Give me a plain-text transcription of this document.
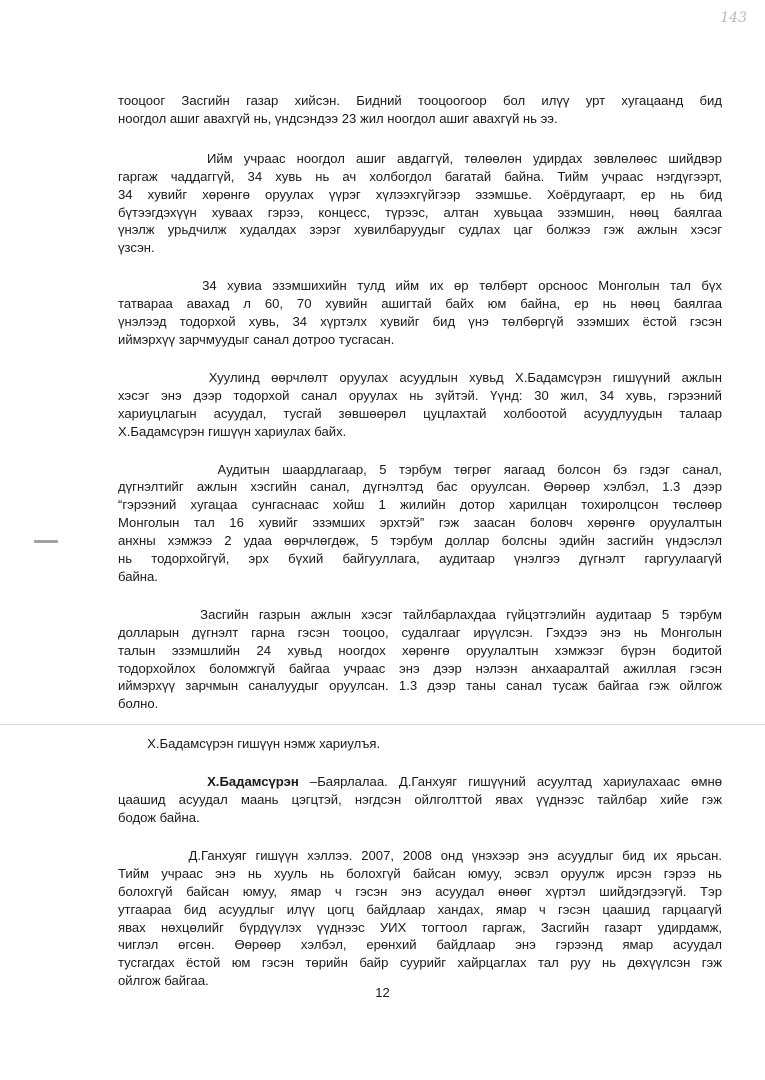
143
тооцоог Засгийн газар хийсэн. Бидний тооцоогоор бол илүү урт хугацаанд бид
ноогдол ашиг авахгүй нь, үндсэндээ 23 жил ноогдол ашиг авахгүй нь ээ.
Ийм учраас ноогдол ашиг авдаггүй, төлөөлөн удирдах зөвлөлөөс шийдвэр
гаргаж чаддаггүй, 34 хувь нь ач холбогдол багатай байна. Тийм учраас нэгдүгээрт,
34 хувийг хөрөнгө оруулах үүрэг хүлээхгүйгээр эзэмшье. Хоёрдугаарт, ер нь бид
бүтээгдэхүүн хуваах гэрээ, концесс, түрээс, алтан хувьцаа эзэмшин, нөөц баялгаа
үнэлж урьдчилж худалдах зэрэг хувилбаруудыг судлах цаг болжээ гэж ажлын хэсэг
үзсэн.
34 хувиа эзэмшихийн тулд ийм их өр төлбөрт орсноос Монголын тал бүх
татвараа авахад л 60, 70 хувийн ашигтай байх юм байна, ер нь нөөц баялгаа
үнэлээд тодорхой хувь, 34 хүртэлх хувийг бид үнэ төлбөргүй эзэмших ёстой гэсэн
иймэрхүү зарчмуудыг санал дотроо тусгасан.
Хуулинд өөрчлөлт оруулах асуудлын хувьд Х.Бадамсүрэн гишүүний ажлын
хэсэг энэ дээр тодорхой санал оруулах нь зүйтэй. Үүнд: 30 жил, 34 хувь, гэрээний
хариуцлагын асуудал, тусгай зөвшөөрөл цуцлахтай холбоотой асуудлуудын талаар
Х.Бадамсүрэн гишүүн хариулах байх.
Аудитын шаардлагаар, 5 тэрбум төгрөг яагаад болсон бэ гэдэг санал,
дүгнэлтийг ажлын хэсгийн санал, дүгнэлтэд бас оруулсан. Өөрөөр хэлбэл, 1.3 дээр
“гэрээний хугацаа сунгаснаас хойш 1 жилийн дотор харилцан тохиролцсон төслөөр
Монголын тал 16 хувийг эзэмших эрхтэй” гэж заасан боловч хөрөнгө оруулалтын
анхны хэмжээ 2 удаа өөрчлөгдөж, 5 тэрбум доллар болсны эдийн засгийн үндэслэл
нь тодорхойгүй, эрх бүхий байгууллага, аудитаар үнэлгээ дүгнэлт гаргуулаагүй
байна.
Засгийн газрын ажлын хэсэг тайлбарлахдаа гүйцэтгэлийн аудитаар 5 тэрбум
долларын дүгнэлт гарна гэсэн тооцоо, судалгааг ирүүлсэн. Гэхдээ энэ нь Монголын
талын эзэмшлийн 24 хувьд ноогдох хөрөнгө оруулалтын хэмжээг бүрэн бодитой
тодорхойлох боломжгүй байгаа учраас энэ дээр нэлээн анхааралтай ажиллая гэсэн
иймэрхүү зарчмын саналуудыг оруулсан. 1.3 дээр таны санал тусаж байгаа гэж ойлгож
болно.
Х.Бадамсүрэн гишүүн нэмж хариулъя.
Х.Бадамсүрэн –Баярлалаа. Д.Ганхуяг гишүүний асуултад хариулахаас өмнө
цаашид асуудал маань цэгцтэй, нэгдсэн ойлголттой явах үүднээс тайлбар хийе гэж
бодож байна.
Д.Ганхуяг гишүүн хэллээ. 2007, 2008 онд үнэхээр энэ асуудлыг бид их ярьсан.
Тийм учраас энэ нь хууль нь болохгүй байсан юмуу, эсвэл оруулж ирсэн гэрээ нь
болохгүй байсан юмуу, ямар ч гэсэн энэ асуудал өнөөг хүртэл шийдэгдээгүй. Тэр
утгаараа бид асуудлыг илүү цогц байдлаар хандах, ямар ч гэсэн цаашид гарцаагүй
явах нөхцөлийг бүрдүүлэх үүднээс УИХ тогтоол гаргаж, Засгийн газарт удирдамж,
чиглэл өгсөн. Өөрөөр хэлбэл, ерөнхий байдлаар энэ гэрээнд ямар асуудал
тусгагдах ёстой юм гэсэн төрийн байр суурийг хайрцаглах тал руу нь дөхүүлсэн гэж
ойлгож байгаа.
12
